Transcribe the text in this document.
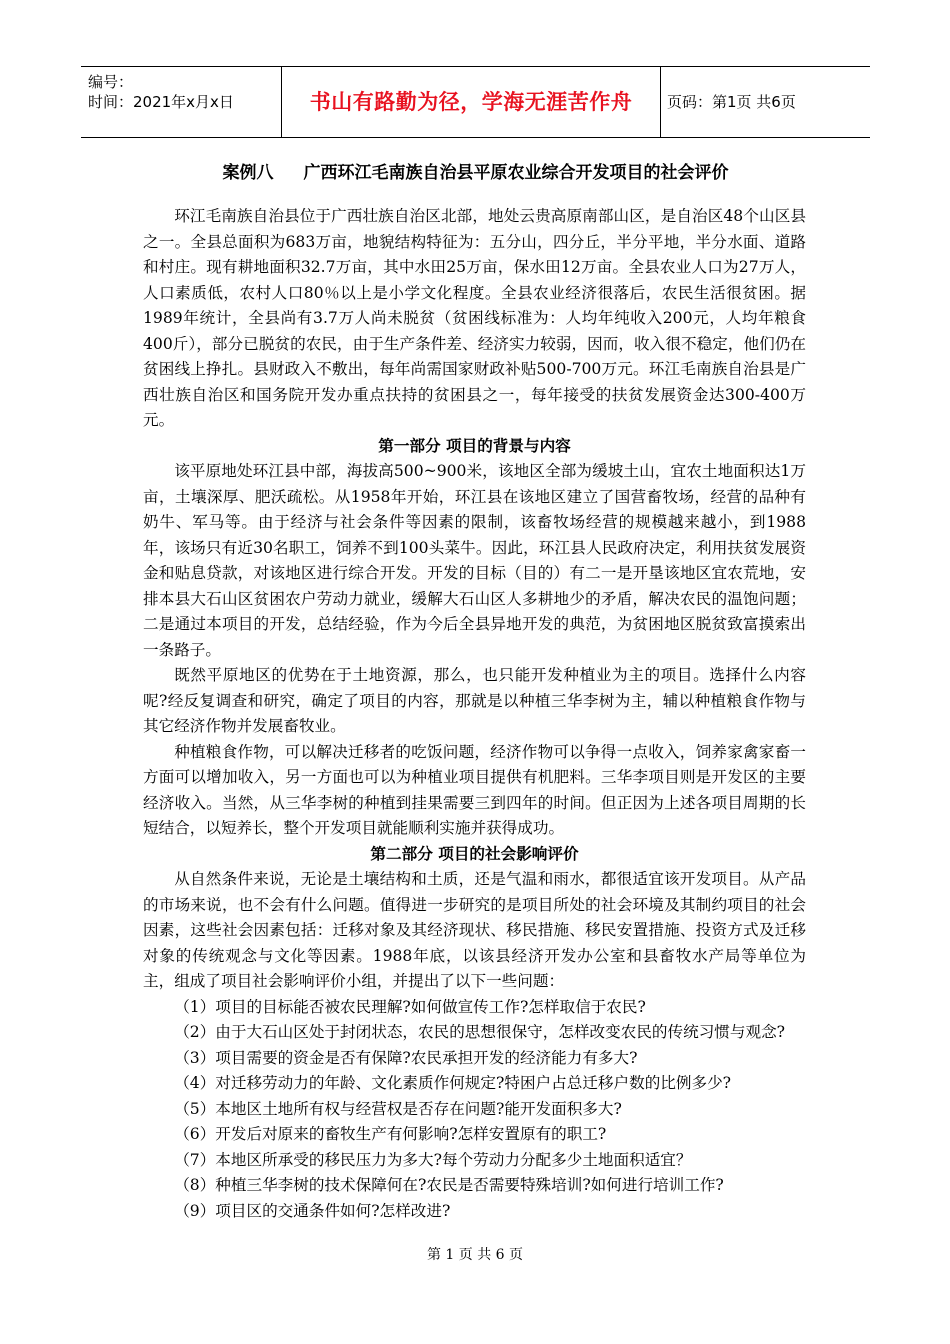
编号：
时间：2021年x月x日	书山有路勤为径，学海无涯苦作舟	页码：第1页 共6页
案例八 广西环江毛南族自治县平原农业综合开发项目的社会评价

环江毛南族自治县位于广西壮族自治区北部，地处云贵高原南部山区，是自治区48个山区县之一。全县总面积为683万亩，地貌结构特征为：五分山，四分丘，半分平地，半分水面、道路和村庄。现有耕地面积32.7万亩，其中水田25万亩，保水田12万亩。全县农业人口为27万人，人口素质低，农村人口80％以上是小学文化程度。全县农业经济很落后，农民生活很贫困。据1989年统计，全县尚有3.7万人尚未脱贫（贫困线标准为：人均年纯收入200元，人均年粮食400斤），部分已脱贫的农民，由于生产条件差、经济实力较弱，因而，收入很不稳定，他们仍在贫困线上挣扎。县财政入不敷出，每年尚需国家财政补贴500-700万元。环江毛南族自治县是广西壮族自治区和国务院开发办重点扶持的贫困县之一，每年接受的扶贫发展资金达300-400万元。

第一部分 项目的背景与内容

该平原地处环江县中部，海拔高500~900米，该地区全部为缓坡土山，宜农土地面积达1万亩，土壤深厚、肥沃疏松。从1958年开始，环江县在该地区建立了国营畜牧场，经营的品种有奶牛、军马等。由于经济与社会条件等因素的限制，该畜牧场经营的规模越来越小，到1988年，该场只有近30名职工，饲养不到100头菜牛。因此，环江县人民政府决定，利用扶贫发展资金和贴息贷款，对该地区进行综合开发。开发的目标（目的）有二一是开垦该地区宜农荒地，安排本县大石山区贫困农户劳动力就业，缓解大石山区人多耕地少的矛盾，解决农民的温饱问题；二是通过本项目的开发，总结经验，作为今后全县异地开发的典范，为贫困地区脱贫致富摸索出一条路子。

既然平原地区的优势在于土地资源，那么，也只能开发种植业为主的项目。选择什么内容呢?经反复调查和研究，确定了项目的内容，那就是以种植三华李树为主，辅以种植粮食作物与其它经济作物并发展畜牧业。

种植粮食作物，可以解决迁移者的吃饭问题，经济作物可以争得一点收入，饲养家禽家畜一方面可以增加收入，另一方面也可以为种植业项目提供有机肥料。三华李项目则是开发区的主要经济收入。当然，从三华李树的种植到挂果需要三到四年的时间。但正因为上述各项目周期的长短结合，以短养长，整个开发项目就能顺利实施并获得成功。

第二部分 项目的社会影响评价

从自然条件来说，无论是土壤结构和土质，还是气温和雨水，都很适宜该开发项目。从产品的市场来说，也不会有什么问题。值得进一步研究的是项目所处的社会环境及其制约项目的社会因素，这些社会因素包括：迁移对象及其经济现状、移民措施、移民安置措施、投资方式及迁移对象的传统观念与文化等因素。1988年底，以该县经济开发办公室和县畜牧水产局等单位为主，组成了项目社会影响评价小组，并提出了以下一些问题：

（1）项目的目标能否被农民理解?如何做宣传工作?怎样取信于农民?
（2）由于大石山区处于封闭状态，农民的思想很保守，怎样改变农民的传统习惯与观念?
（3）项目需要的资金是否有保障?农民承担开发的经济能力有多大?
（4）对迁移劳动力的年龄、文化素质作何规定?特困户占总迁移户数的比例多少?
（5）本地区土地所有权与经营权是否存在问题?能开发面积多大?
（6）开发后对原来的畜牧生产有何影响?怎样安置原有的职工?
（7）本地区所承受的移民压力为多大?每个劳动力分配多少土地面积适宜？
（8）种植三华李树的技术保障何在?农民是否需要特殊培训?如何进行培训工作?
（9）项目区的交通条件如何?怎样改进?
第 1 页 共 6 页
